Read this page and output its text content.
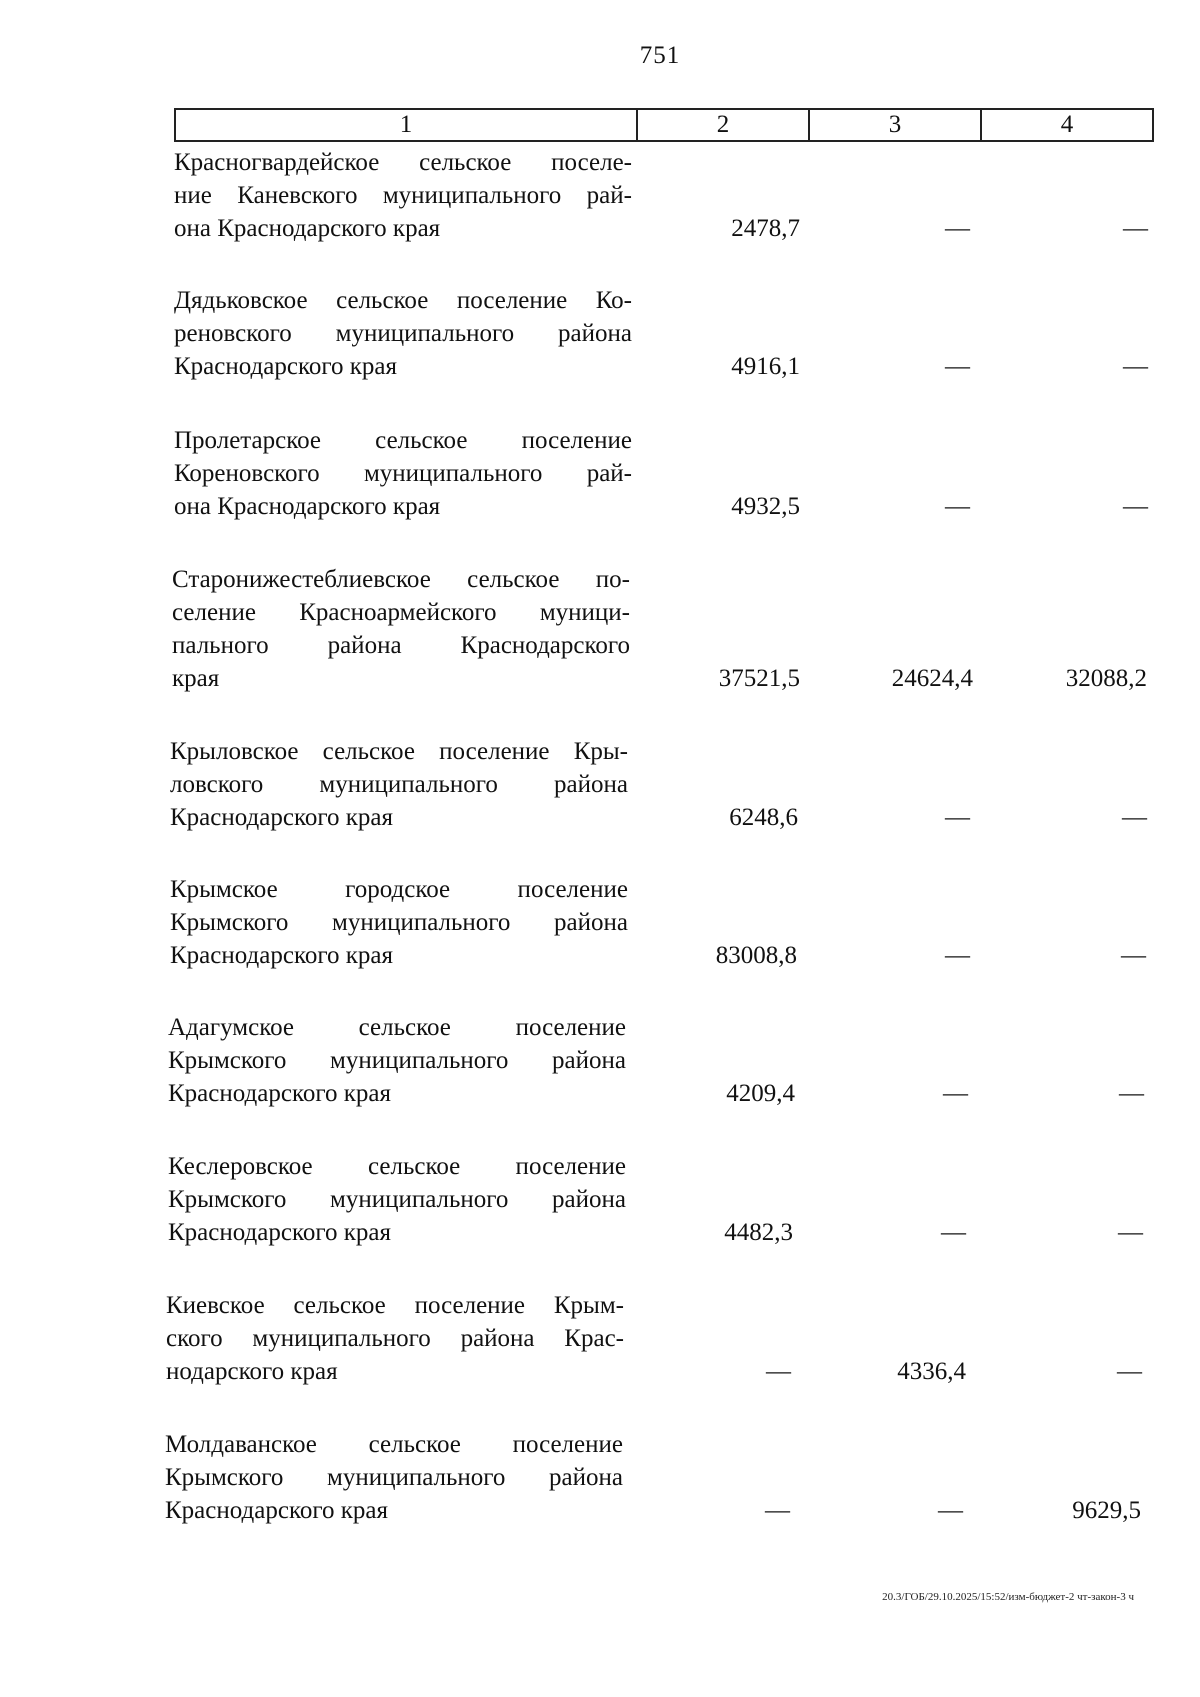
751
1	2	3	4
Красногвардейское сельское поселе-
ние Каневского муниципального рай-
она Краснодарского края	2478,7	—	—
Дядьковское сельское поселение Ко-
реновского муниципального района
Краснодарского края	4916,1	—	—
Пролетарское сельское поселение
Кореновского муниципального рай-
она Краснодарского края	4932,5	—	—
Старонижестеблиевское сельское по-
селение Красноармейского муници-
пального района Краснодарского
края	37521,5	24624,4	32088,2
Крыловское сельское поселение Кры-
ловского муниципального района
Краснодарского края	6248,6	—	—
Крымское городское поселение
Крымского муниципального района
Краснодарского края	83008,8	—	—
Адагумское сельское поселение
Крымского муниципального района
Краснодарского края	4209,4	—	—
Кеслеровское сельское поселение
Крымского муниципального района
Краснодарского края	4482,3	—	—
Киевское сельское поселение Крым-
ского муниципального района Крас-
нодарского края	—	4336,4	—
Молдаванское сельское поселение
Крымского муниципального района
Краснодарского края	—	—	9629,5
20.3/ГОБ/29.10.2025/15:52/изм-бюджет-2 чт-закон-3 ч
